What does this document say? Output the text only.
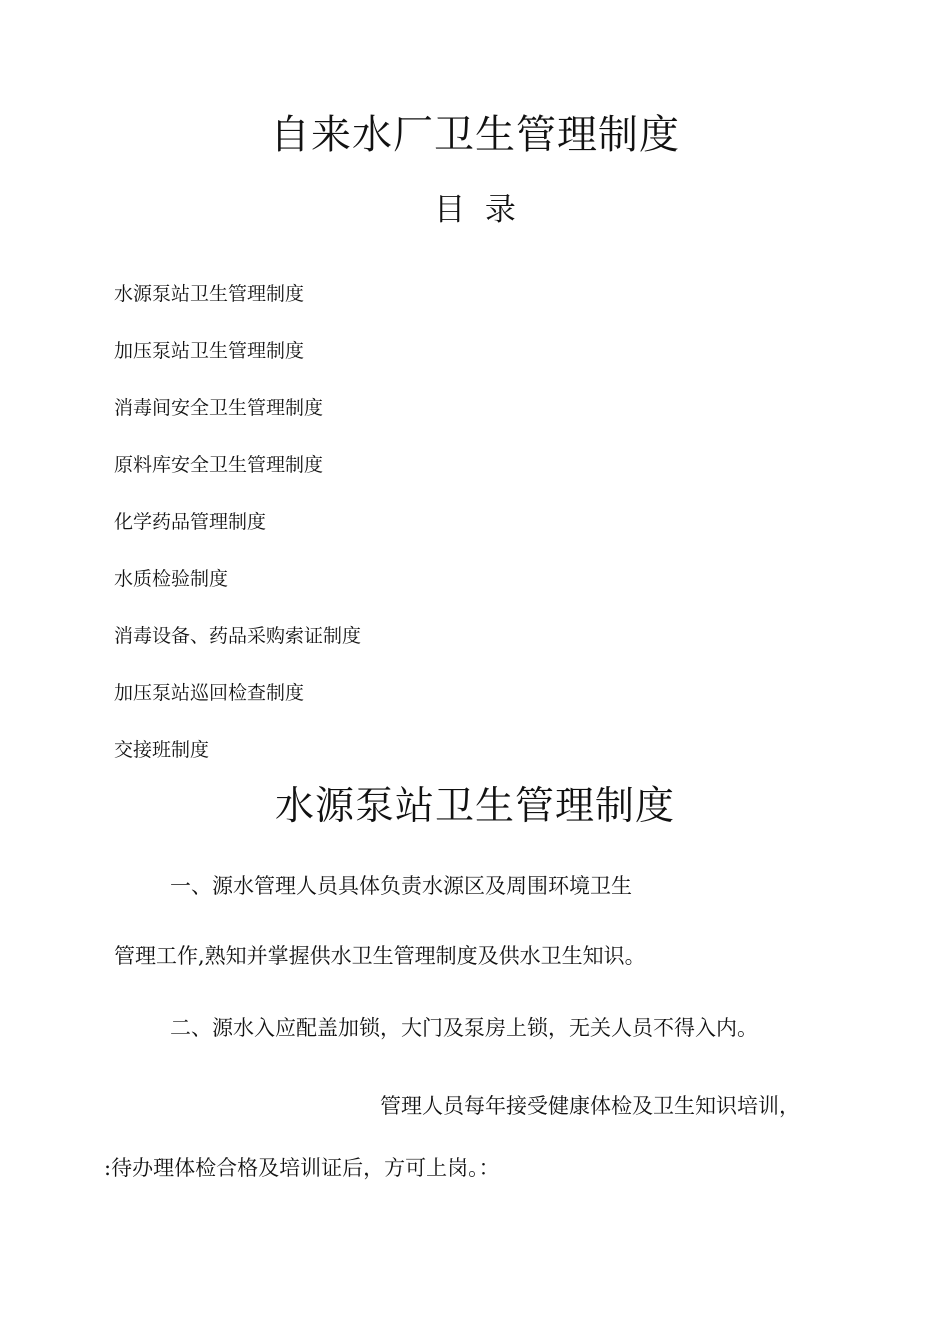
自来水厂卫生管理制度
目 录
水源泵站卫生管理制度
加压泵站卫生管理制度
消毒间安全卫生管理制度
原料库安全卫生管理制度
化学药品管理制度
水质检验制度
消毒设备、药品采购索证制度
加压泵站巡回检查制度
交接班制度
水源泵站卫生管理制度
一、源水管理人员具体负责水源区及周围环境卫生
管理工作,熟知并掌握供水卫生管理制度及供水卫生知识。
二、源水入应配盖加锁，大门及泵房上锁，无关人员不得入内。
管理人员每年接受健康体检及卫生知识培训，
:待办理体检合格及培训证后，方可上岗。：
